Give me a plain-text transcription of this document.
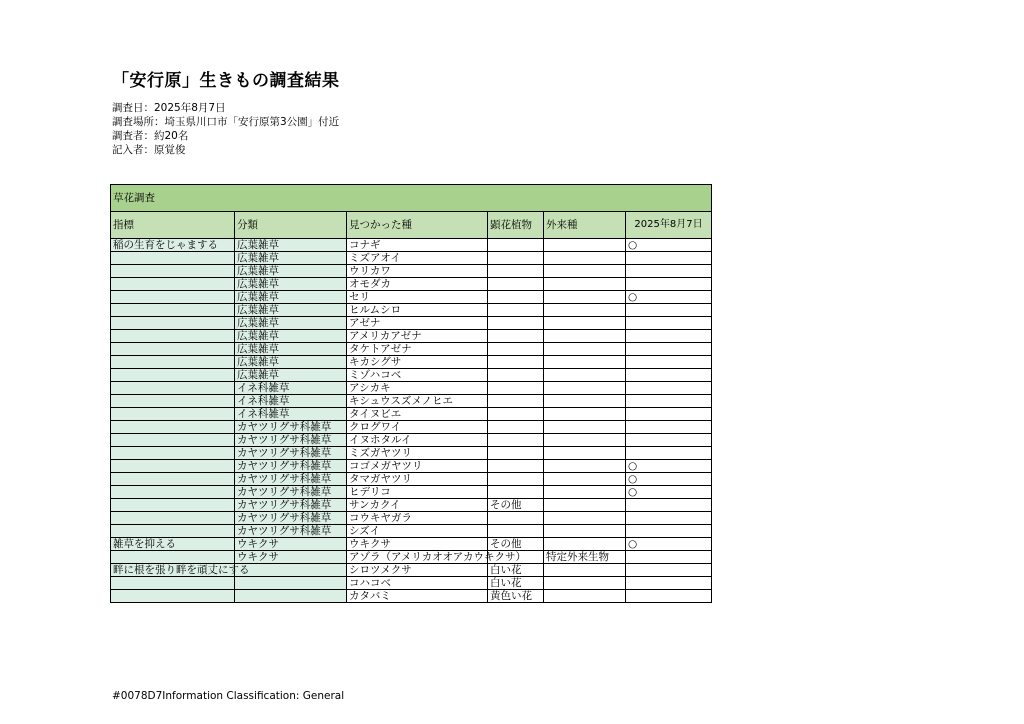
「安行原」生きもの調査結果
調査日：2025年8月7日
調査場所：埼玉県川口市「安行原第3公園」付近
調査者：約20名
記入者：原覚俊
草花調査					
指標	分類	見つかった種	顕花植物	外来種	2025年8月7日
稲の生育をじゃまする	広葉雑草	コナギ			○
	広葉雑草	ミズアオイ			
	広葉雑草	ウリカワ			
	広葉雑草	オモダカ			
	広葉雑草	セリ			○
	広葉雑草	ヒルムシロ			
	広葉雑草	アゼナ			
	広葉雑草	アメリカアゼナ			
	広葉雑草	タケトアゼナ			
	広葉雑草	キカシグサ			
	広葉雑草	ミゾハコベ			
	イネ科雑草	アシカキ			
	イネ科雑草	キシュウスズメノヒエ			
	イネ科雑草	タイヌビエ			
	カヤツリグサ科雑草	クログワイ			
	カヤツリグサ科雑草	イヌホタルイ			
	カヤツリグサ科雑草	ミズガヤツリ			
	カヤツリグサ科雑草	コゴメガヤツリ			○
	カヤツリグサ科雑草	タマガヤツリ			○
	カヤツリグサ科雑草	ヒデリコ			○
	カヤツリグサ科雑草	サンカクイ	その他		
	カヤツリグサ科雑草	コウキヤガラ			
	カヤツリグサ科雑草	シズイ			
雑草を抑える	ウキクサ	ウキクサ	その他		○
	ウキクサ	アゾラ（アメリカオオアカウキクサ）		特定外来生物	
畔に根を張り畔を頑丈にする		シロツメクサ	白い花		
		コハコベ	白い花		
		カタバミ	黄色い花		
#0078D7Information Classification: General
